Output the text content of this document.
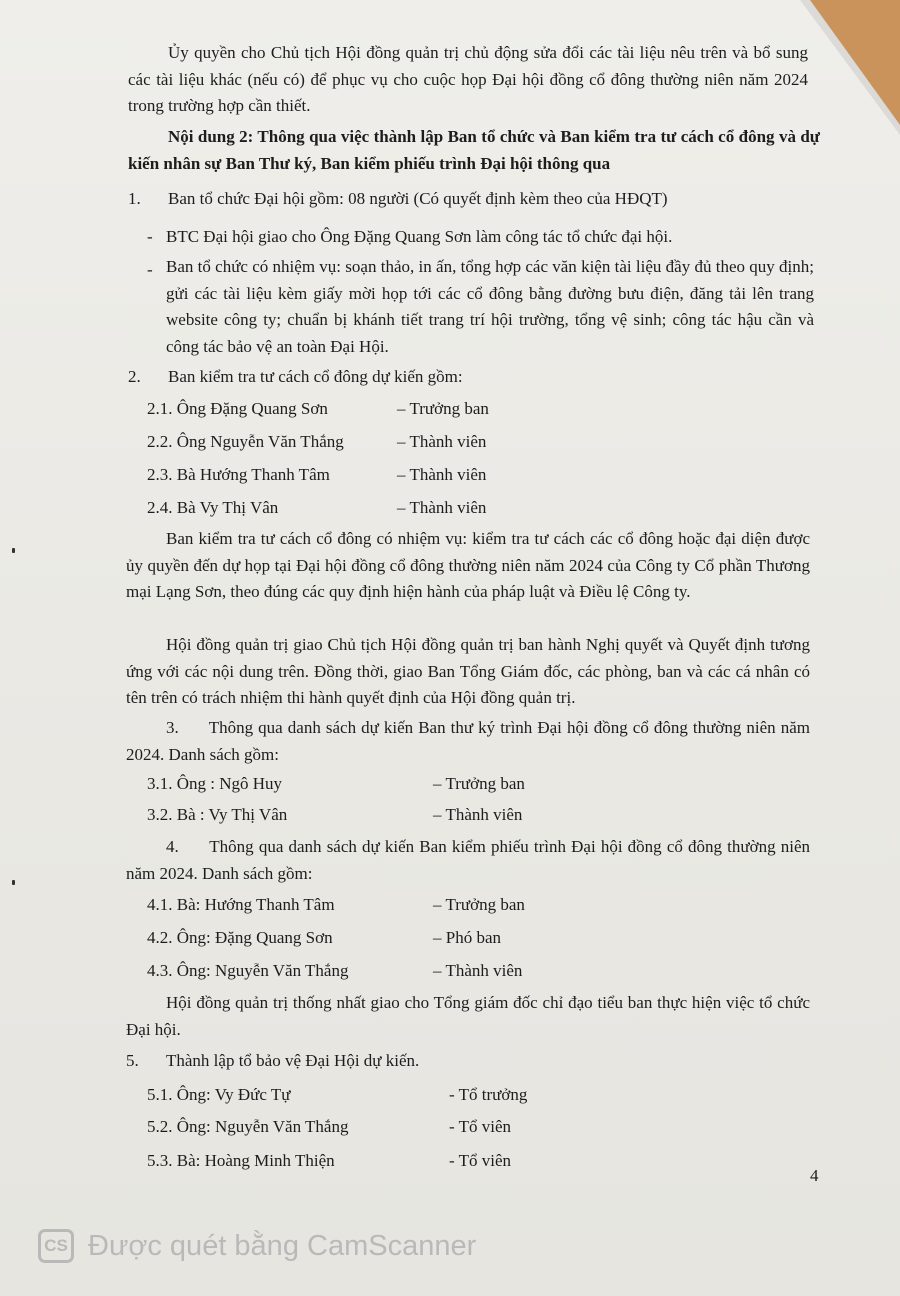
Ủy quyền cho Chủ tịch Hội đồng quản trị chủ động sửa đổi các tài liệu nêu trên và bổ sung các tài liệu khác (nếu có) để phục vụ cho cuộc họp Đại hội đồng cổ đông thường niên năm 2024 trong trường hợp cần thiết.
Nội dung 2: Thông qua việc thành lập Ban tổ chức và Ban kiểm tra tư cách cổ đông và dự kiến nhân sự Ban Thư ký, Ban kiểm phiếu trình Đại hội thông qua
1. Ban tổ chức Đại hội gồm: 08 người (Có quyết định kèm theo của HĐQT)
- BTC Đại hội giao cho Ông Đặng Quang Sơn làm công tác tổ chức đại hội.
- Ban tổ chức có nhiệm vụ: soạn thảo, in ấn, tổng hợp các văn kiện tài liệu đầy đủ theo quy định; gửi các tài liệu kèm giấy mời họp tới các cổ đông bằng đường bưu điện, đăng tải lên trang website công ty; chuẩn bị khánh tiết trang trí hội trường, tổng vệ sinh; công tác hậu cần và công tác bảo vệ an toàn Đại Hội.
2. Ban kiểm tra tư cách cổ đông dự kiến gồm:
2.1. Ông Đặng Quang Sơn	– Trưởng ban
2.2. Ông Nguyễn Văn Thắng	– Thành viên
2.3. Bà Hướng Thanh Tâm	– Thành viên
2.4. Bà Vy Thị Vân	– Thành viên
Ban kiểm tra tư cách cổ đông có nhiệm vụ: kiểm tra tư cách các cổ đông hoặc đại diện được ủy quyền đến dự họp tại Đại hội đồng cổ đông thường niên năm 2024 của Công ty Cổ phần Thương mại Lạng Sơn, theo đúng các quy định hiện hành của pháp luật và Điều lệ Công ty.
Hội đồng quản trị giao Chủ tịch Hội đồng quản trị ban hành Nghị quyết và Quyết định tương ứng với các nội dung trên. Đồng thời, giao Ban Tổng Giám đốc, các phòng, ban và các cá nhân có tên trên có trách nhiệm thi hành quyết định của Hội đồng quản trị.
3.      Thông qua danh sách dự kiến Ban thư ký trình Đại hội đồng cổ đông thường niên năm 2024. Danh sách gồm:
3.1. Ông : Ngô Huy	– Trưởng ban
3.2. Bà : Vy Thị Vân	– Thành viên
4.      Thông qua danh sách dự kiến Ban kiểm phiếu trình Đại hội đồng cổ đông thường niên năm 2024. Danh sách gồm:
4.1. Bà: Hướng Thanh Tâm	– Trưởng ban
4.2. Ông: Đặng Quang Sơn	– Phó ban
4.3. Ông: Nguyễn Văn Thắng	– Thành viên
Hội đồng quản trị thống nhất giao cho Tổng giám đốc chỉ đạo tiểu ban thực hiện việc tổ chức Đại hội.
5. Thành lập tổ bảo vệ Đại Hội dự kiến.
5.1. Ông: Vy Đức Tự	- Tổ trưởng
5.2. Ông: Nguyễn Văn Thắng	- Tổ viên
5.3. Bà: Hoàng Minh Thiện	- Tổ viên
4
CS Được quét bằng CamScanner
